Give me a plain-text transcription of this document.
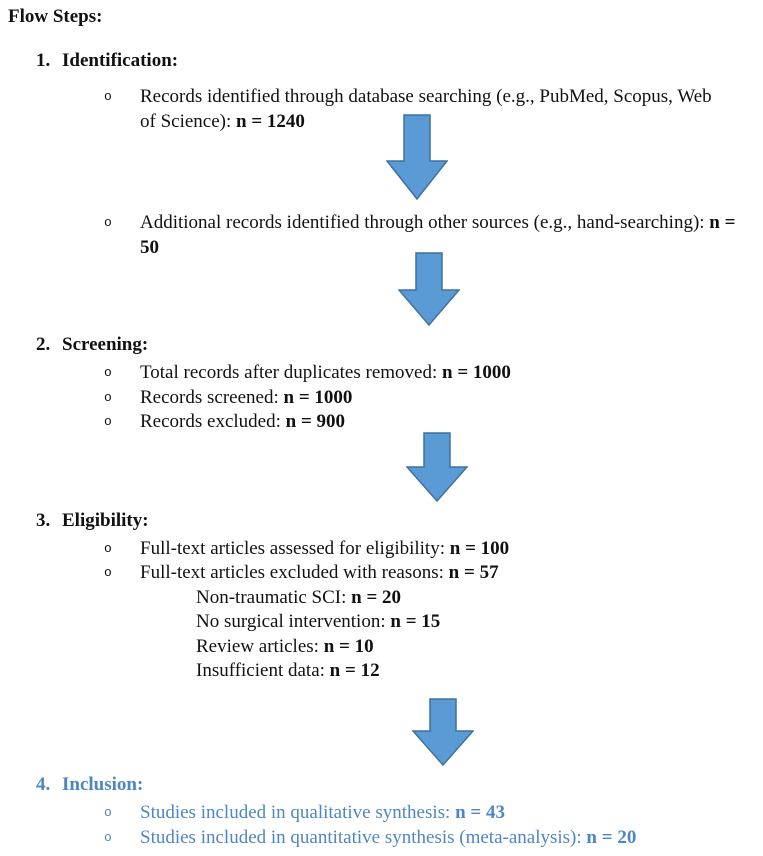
Flow Steps:
1. Identification:
o	Records identified through database searching (e.g., PubMed, Scopus, Web of Science): n = 1240
o	Additional records identified through other sources (e.g., hand-searching): n = 50
2. Screening:
o	Total records after duplicates removed: n = 1000
o	Records screened: n = 1000
o	Records excluded: n = 900
3. Eligibility:
o	Full-text articles assessed for eligibility: n = 100
o	Full-text articles excluded with reasons: n = 57
Non-traumatic SCI: n = 20
No surgical intervention: n = 15
Review articles: n = 10
Insufficient data: n = 12
4. Inclusion:
o	Studies included in qualitative synthesis: n = 43
o	Studies included in quantitative synthesis (meta-analysis): n = 20
